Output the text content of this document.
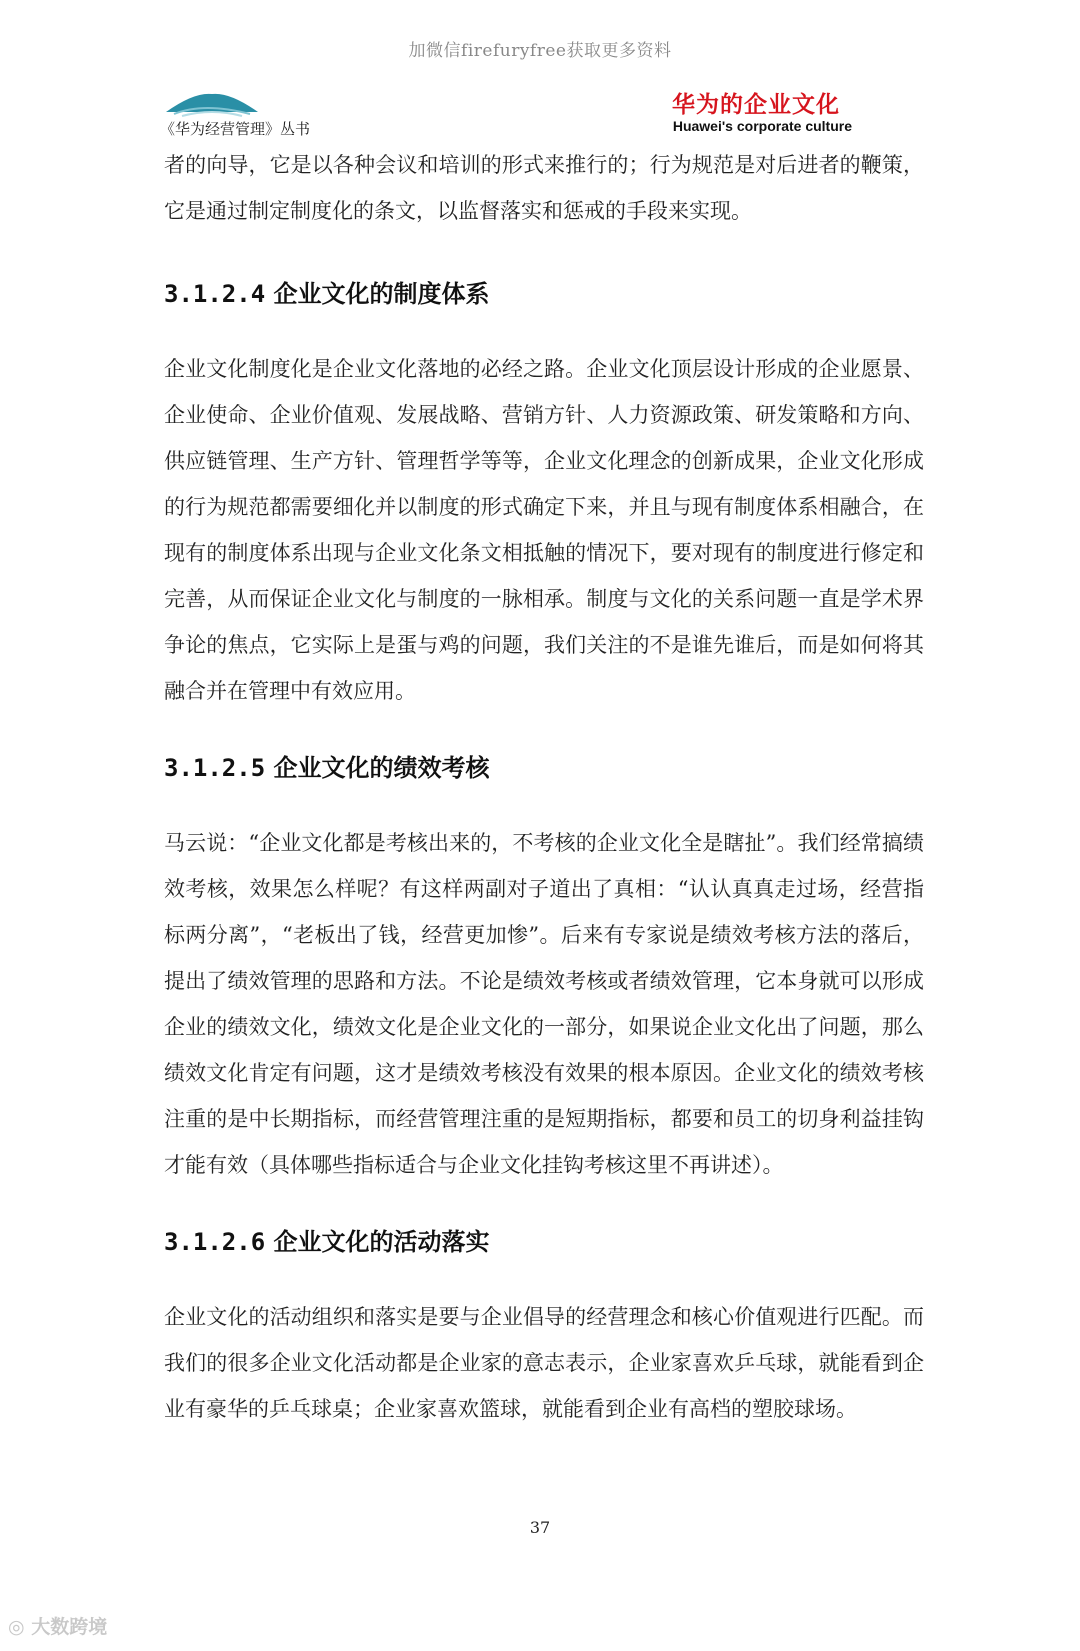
加微信firefuryfree获取更多资料
《华为经营管理》丛书
华为的企业文化
Huawei's corporate culture

者的向导，它是以各种会议和培训的形式来推行的；行为规范是对后进者的鞭策，它是通过制定制度化的条文，以监督落实和惩戒的手段来实现。

3.1.2.4 企业文化的制度体系

企业文化制度化是企业文化落地的必经之路。企业文化顶层设计形成的企业愿景、企业使命、企业价值观、发展战略、营销方针、人力资源政策、研发策略和方向、供应链管理、生产方针、管理哲学等等，企业文化理念的创新成果，企业文化形成的行为规范都需要细化并以制度的形式确定下来，并且与现有制度体系相融合，在现有的制度体系出现与企业文化条文相抵触的情况下，要对现有的制度进行修定和完善，从而保证企业文化与制度的一脉相承。制度与文化的关系问题一直是学术界争论的焦点，它实际上是蛋与鸡的问题，我们关注的不是谁先谁后，而是如何将其融合并在管理中有效应用。

3.1.2.5 企业文化的绩效考核

马云说：“企业文化都是考核出来的，不考核的企业文化全是瞎扯”。我们经常搞绩效考核，效果怎么样呢？有这样两副对子道出了真相：“认认真真走过场，经营指标两分离”，“老板出了钱，经营更加惨”。后来有专家说是绩效考核方法的落后，提出了绩效管理的思路和方法。不论是绩效考核或者绩效管理，它本身就可以形成企业的绩效文化，绩效文化是企业文化的一部分，如果说企业文化出了问题，那么绩效文化肯定有问题，这才是绩效考核没有效果的根本原因。企业文化的绩效考核注重的是中长期指标，而经营管理注重的是短期指标，都要和员工的切身利益挂钩才能有效（具体哪些指标适合与企业文化挂钩考核这里不再讲述）。

3.1.2.6 企业文化的活动落实

企业文化的活动组织和落实是要与企业倡导的经营理念和核心价值观进行匹配。而我们的很多企业文化活动都是企业家的意志表示，企业家喜欢乒乓球，就能看到企业有豪华的乒乓球桌；企业家喜欢篮球，就能看到企业有高档的塑胶球场。

37
◎ 大数跨境
